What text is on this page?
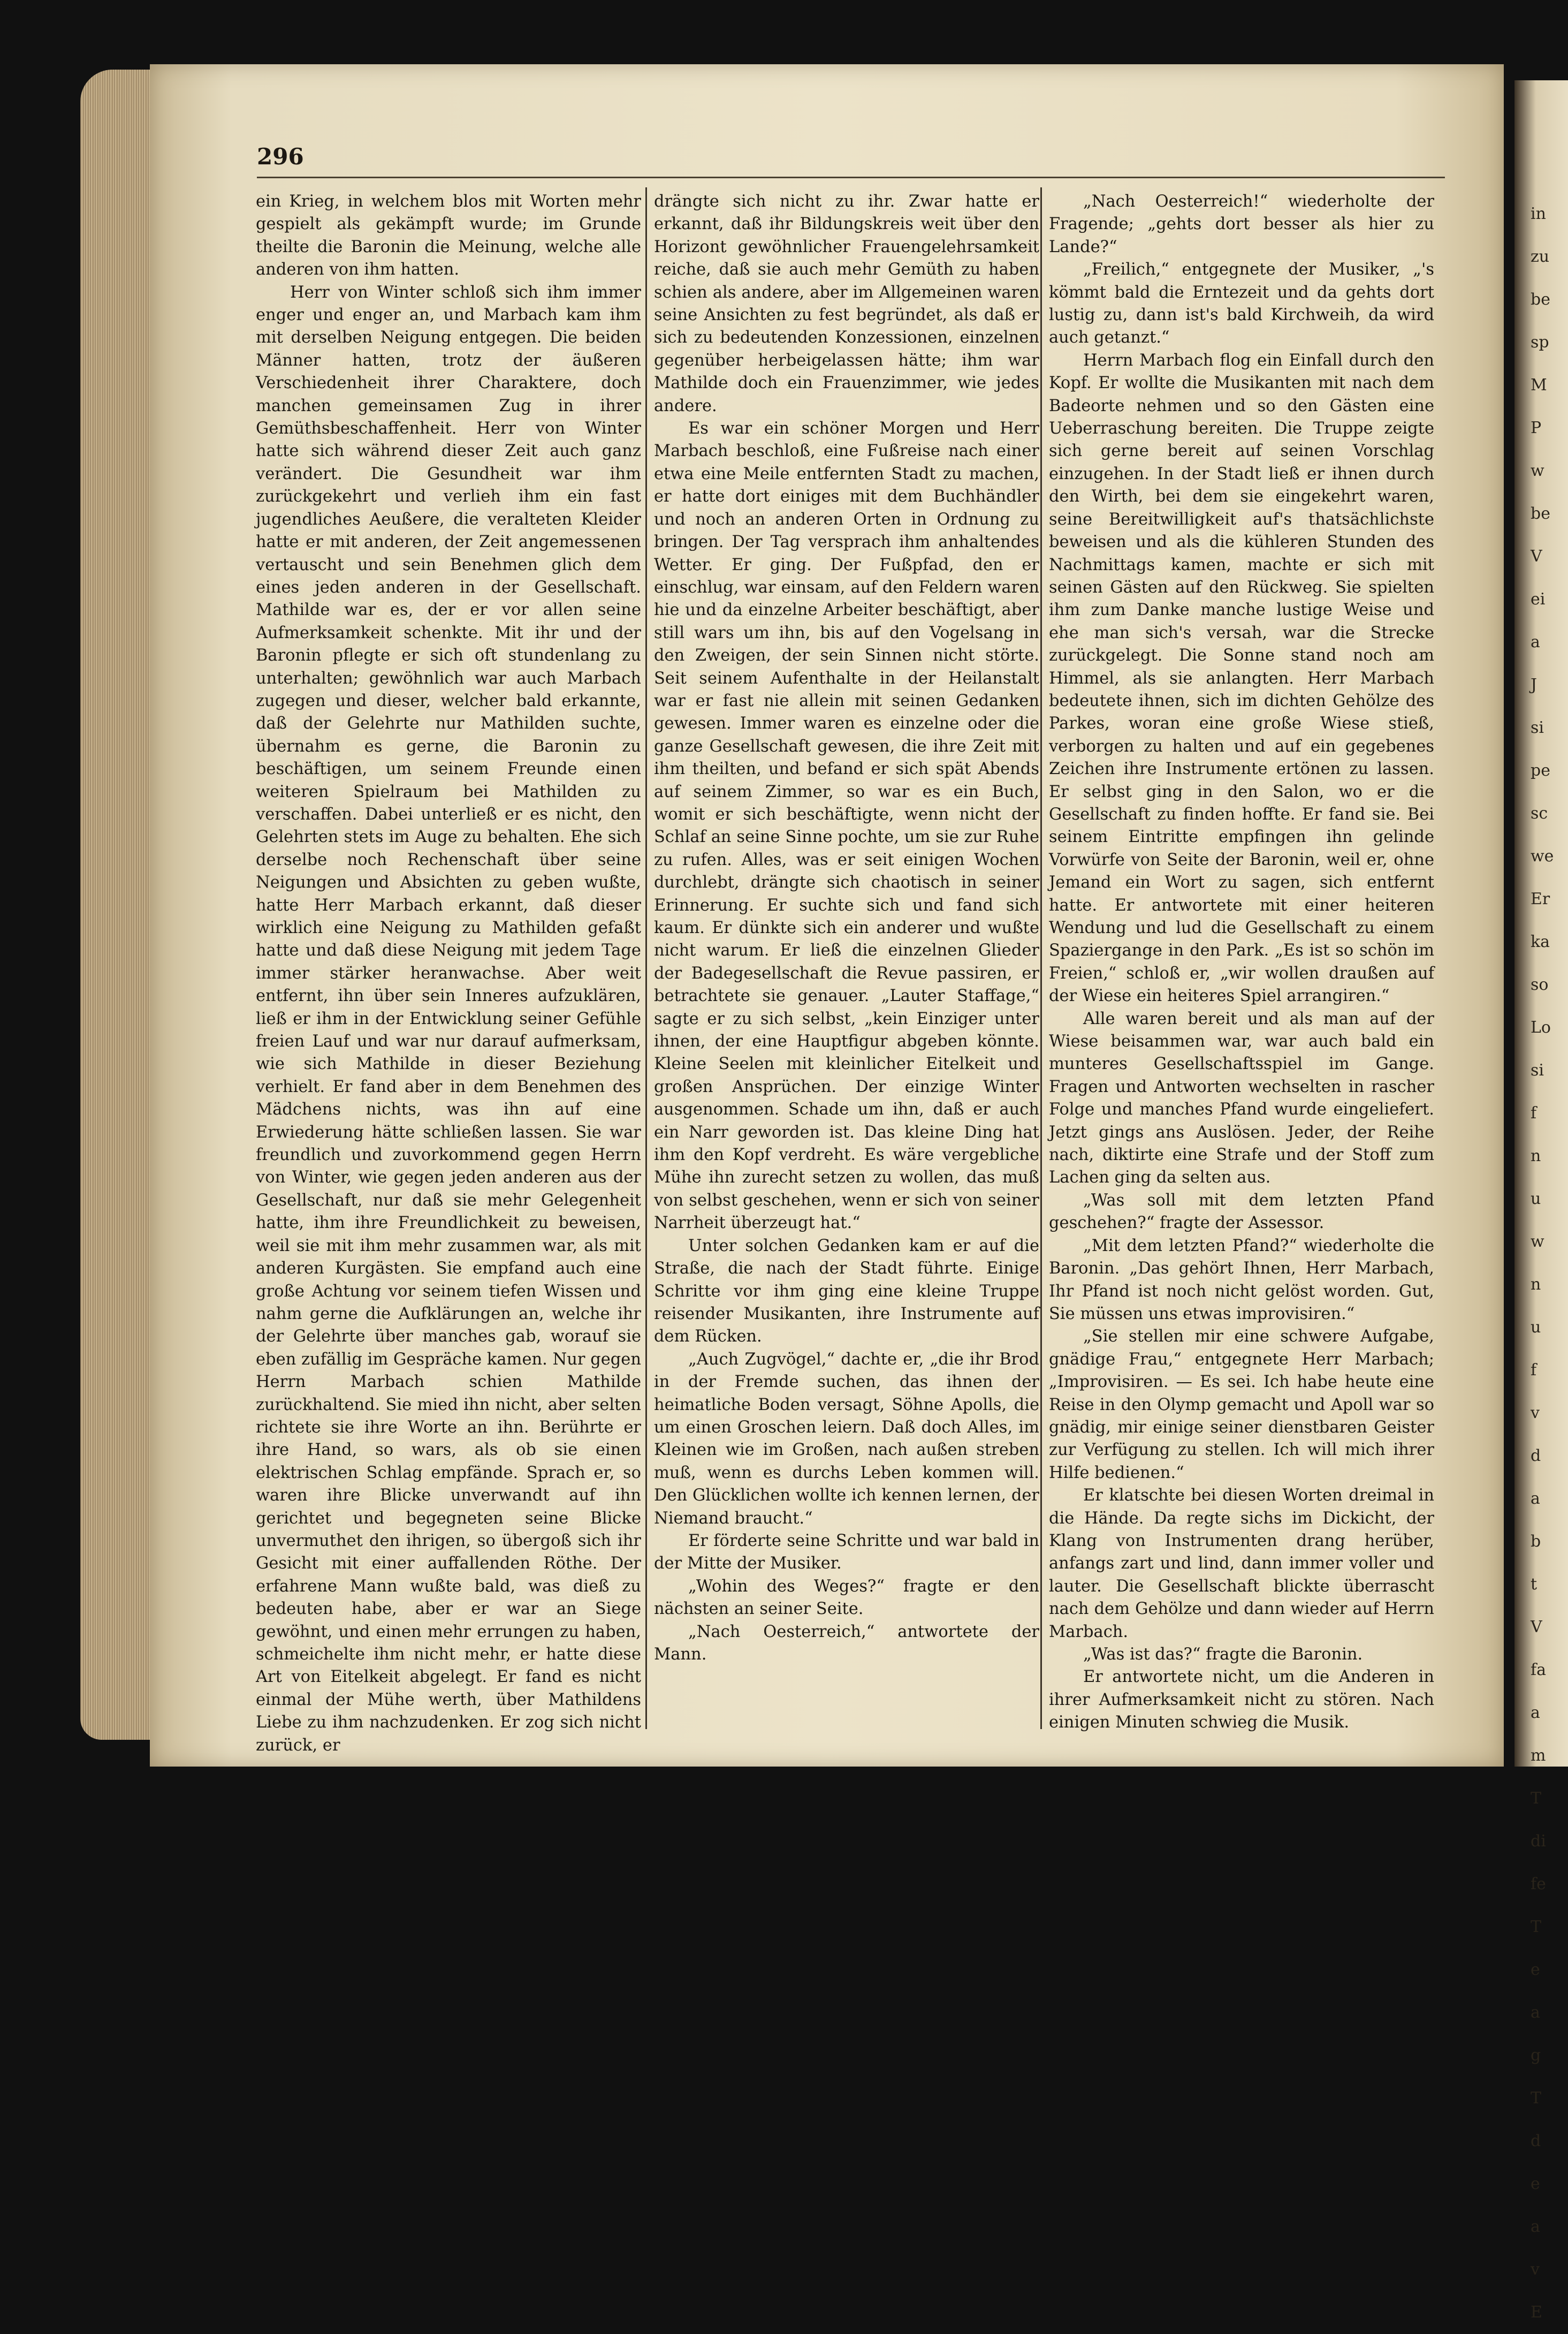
296

ein Krieg, in welchem blos mit Worten mehr gespielt als gekämpft wurde; im Grunde theilte die Baronin die Meinung, welche alle anderen von ihm hatten.

Herr von Winter schloß sich ihm immer enger und enger an, und Marbach kam ihm mit derselben Neigung entgegen. Die beiden Männer hatten, trotz der äußeren Verschiedenheit ihrer Charaktere, doch manchen gemeinsamen Zug in ihrer Gemüthsbeschaffenheit. Herr von Winter hatte sich während dieser Zeit auch ganz verändert. Die Gesundheit war ihm zurückgekehrt und verlieh ihm ein fast jugendliches Aeußere, die veralteten Kleider hatte er mit anderen, der Zeit angemessenen vertauscht und sein Benehmen glich dem eines jeden anderen in der Gesellschaft. Mathilde war es, der er vor allen seine Aufmerksamkeit schenkte. Mit ihr und der Baronin pflegte er sich oft stundenlang zu unterhalten; gewöhnlich war auch Marbach zugegen und dieser, welcher bald erkannte, daß der Gelehrte nur Mathilden suchte, übernahm es gerne, die Baronin zu beschäftigen, um seinem Freunde einen weiteren Spielraum bei Mathilden zu verschaffen. Dabei unterließ er es nicht, den Gelehrten stets im Auge zu behalten. Ehe sich derselbe noch Rechenschaft über seine Neigungen und Absichten zu geben wußte, hatte Herr Marbach erkannt, daß dieser wirklich eine Neigung zu Mathilden gefaßt hatte und daß diese Neigung mit jedem Tage immer stärker heranwachse. Aber weit entfernt, ihn über sein Inneres aufzuklären, ließ er ihm in der Entwicklung seiner Gefühle freien Lauf und war nur darauf aufmerksam, wie sich Mathilde in dieser Beziehung verhielt. Er fand aber in dem Benehmen des Mädchens nichts, was ihn auf eine Erwiederung hätte schließen lassen. Sie war freundlich und zuvorkommend gegen Herrn von Winter, wie gegen jeden anderen aus der Gesellschaft, nur daß sie mehr Gelegenheit hatte, ihm ihre Freundlichkeit zu beweisen, weil sie mit ihm mehr zusammen war, als mit anderen Kurgästen. Sie empfand auch eine große Achtung vor seinem tiefen Wissen und nahm gerne die Aufklärungen an, welche ihr der Gelehrte über manches gab, worauf sie eben zufällig im Gespräche kamen. Nur gegen Herrn Marbach schien Mathilde zurückhaltend. Sie mied ihn nicht, aber selten richtete sie ihre Worte an ihn. Berührte er ihre Hand, so wars, als ob sie einen elektrischen Schlag empfände. Sprach er, so waren ihre Blicke unverwandt auf ihn gerichtet und begegneten seine Blicke unvermuthet den ihrigen, so übergoß sich ihr Gesicht mit einer auffallenden Röthe. Der erfahrene Mann wußte bald, was dieß zu bedeuten habe, aber er war an Siege gewöhnt, und einen mehr errungen zu haben, schmeichelte ihm nicht mehr, er hatte diese Art von Eitelkeit abgelegt. Er fand es nicht einmal der Mühe werth, über Mathildens Liebe zu ihm nachzudenken. Er zog sich nicht zurück, er

drängte sich nicht zu ihr. Zwar hatte er erkannt, daß ihr Bildungskreis weit über den Horizont gewöhnlicher Frauengelehrsamkeit reiche, daß sie auch mehr Gemüth zu haben schien als andere, aber im Allgemeinen waren seine Ansichten zu fest begründet, als daß er sich zu bedeutenden Konzessionen, einzelnen gegenüber herbeigelassen hätte; ihm war Mathilde doch ein Frauenzimmer, wie jedes andere.

Es war ein schöner Morgen und Herr Marbach beschloß, eine Fußreise nach einer etwa eine Meile entfernten Stadt zu machen, er hatte dort einiges mit dem Buchhändler und noch an anderen Orten in Ordnung zu bringen. Der Tag versprach ihm anhaltendes Wetter. Er ging. Der Fußpfad, den er einschlug, war einsam, auf den Feldern waren hie und da einzelne Arbeiter beschäftigt, aber still wars um ihn, bis auf den Vogelsang in den Zweigen, der sein Sinnen nicht störte. Seit seinem Aufenthalte in der Heilanstalt war er fast nie allein mit seinen Gedanken gewesen. Immer waren es einzelne oder die ganze Gesellschaft gewesen, die ihre Zeit mit ihm theilten, und befand er sich spät Abends auf seinem Zimmer, so war es ein Buch, womit er sich beschäftigte, wenn nicht der Schlaf an seine Sinne pochte, um sie zur Ruhe zu rufen. Alles, was er seit einigen Wochen durchlebt, drängte sich chaotisch in seiner Erinnerung. Er suchte sich und fand sich kaum. Er dünkte sich ein anderer und wußte nicht warum. Er ließ die einzelnen Glieder der Badegesellschaft die Revue passiren, er betrachtete sie genauer. „Lauter Staffage,“ sagte er zu sich selbst, „kein Einziger unter ihnen, der eine Hauptfigur abgeben könnte. Kleine Seelen mit kleinlicher Eitelkeit und großen Ansprüchen. Der einzige Winter ausgenommen. Schade um ihn, daß er auch ein Narr geworden ist. Das kleine Ding hat ihm den Kopf verdreht. Es wäre vergebliche Mühe ihn zurecht setzen zu wollen, das muß von selbst geschehen, wenn er sich von seiner Narrheit überzeugt hat.“

Unter solchen Gedanken kam er auf die Straße, die nach der Stadt führte. Einige Schritte vor ihm ging eine kleine Truppe reisender Musikanten, ihre Instrumente auf dem Rücken.

„Auch Zugvögel,“ dachte er, „die ihr Brod in der Fremde suchen, das ihnen der heimatliche Boden versagt, Söhne Apolls, die um einen Groschen leiern. Daß doch Alles, im Kleinen wie im Großen, nach außen streben muß, wenn es durchs Leben kommen will. Den Glücklichen wollte ich kennen lernen, der Niemand braucht.“

Er förderte seine Schritte und war bald in der Mitte der Musiker.

„Wohin des Weges?“ fragte er den nächsten an seiner Seite.

„Nach Oesterreich,“ antwortete der Mann.

„Nach Oesterreich!“ wiederholte der Fragende; „gehts dort besser als hier zu Lande?“

„Freilich,“ entgegnete der Musiker, „'s kömmt bald die Erntezeit und da gehts dort lustig zu, dann ist's bald Kirchweih, da wird auch getanzt.“

Herrn Marbach flog ein Einfall durch den Kopf. Er wollte die Musikanten mit nach dem Badeorte nehmen und so den Gästen eine Ueberraschung bereiten. Die Truppe zeigte sich gerne bereit auf seinen Vorschlag einzugehen. In der Stadt ließ er ihnen durch den Wirth, bei dem sie eingekehrt waren, seine Bereitwilligkeit auf's thatsächlichste beweisen und als die kühleren Stunden des Nachmittags kamen, machte er sich mit seinen Gästen auf den Rückweg. Sie spielten ihm zum Danke manche lustige Weise und ehe man sich's versah, war die Strecke zurückgelegt. Die Sonne stand noch am Himmel, als sie anlangten. Herr Marbach bedeutete ihnen, sich im dichten Gehölze des Parkes, woran eine große Wiese stieß, verborgen zu halten und auf ein gegebenes Zeichen ihre Instrumente ertönen zu lassen. Er selbst ging in den Salon, wo er die Gesellschaft zu finden hoffte. Er fand sie. Bei seinem Eintritte empfingen ihn gelinde Vorwürfe von Seite der Baronin, weil er, ohne Jemand ein Wort zu sagen, sich entfernt hatte. Er antwortete mit einer heiteren Wendung und lud die Gesellschaft zu einem Spaziergange in den Park. „Es ist so schön im Freien,“ schloß er, „wir wollen draußen auf der Wiese ein heiteres Spiel arrangiren.“

Alle waren bereit und als man auf der Wiese beisammen war, war auch bald ein munteres Gesellschaftsspiel im Gange. Fragen und Antworten wechselten in rascher Folge und manches Pfand wurde eingeliefert. Jetzt gings ans Auslösen. Jeder, der Reihe nach, diktirte eine Strafe und der Stoff zum Lachen ging da selten aus.

„Was soll mit dem letzten Pfand geschehen?“ fragte der Assessor.

„Mit dem letzten Pfand?“ wiederholte die Baronin. „Das gehört Ihnen, Herr Marbach, Ihr Pfand ist noch nicht gelöst worden. Gut, Sie müssen uns etwas improvisiren.“

„Sie stellen mir eine schwere Aufgabe, gnädige Frau,“ entgegnete Herr Marbach; „Improvisiren. — Es sei. Ich habe heute eine Reise in den Olymp gemacht und Apoll war so gnädig, mir einige seiner dienstbaren Geister zur Verfügung zu stellen. Ich will mich ihrer Hilfe bedienen.“

Er klatschte bei diesen Worten dreimal in die Hände. Da regte sichs im Dickicht, der Klang von Instrumenten drang herüber, anfangs zart und lind, dann immer voller und lauter. Die Gesellschaft blickte überrascht nach dem Gehölze und dann wieder auf Herrn Marbach.

„Was ist das?“ fragte die Baronin.

Er antwortete nicht, um die Anderen in ihrer Aufmerksamkeit nicht zu stören. Nach einigen Minuten schwieg die Musik.

in
zu
be
sp
M
P
w
be
V
ei
a
J
si
pe
sc
we
Er
ka
so
Lo
si
f
n
u
w
n
u
f
v
d
a
b
t
V
fa
a
m
T
di
fe
T
e
a
g
T
d
e
a
v
E
